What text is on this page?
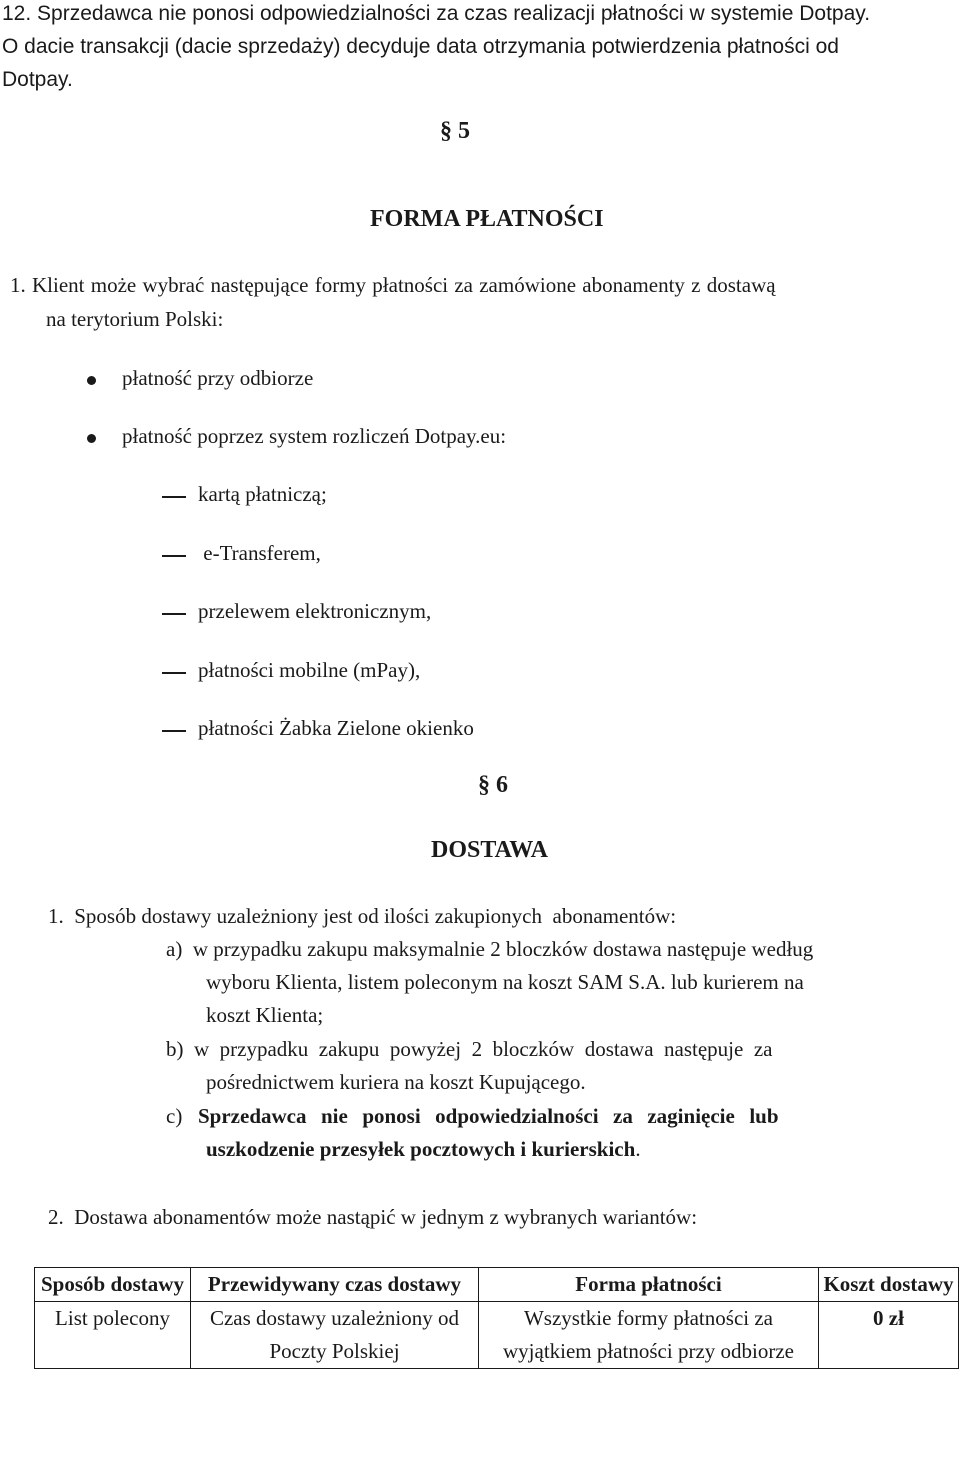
12. Sprzedawca nie ponosi odpowiedzialności za czas realizacji płatności w systemie Dotpay.
O dacie transakcji (dacie sprzedaży) decyduje data otrzymania potwierdzenia płatności od
Dotpay.
§ 5
FORMA PŁATNOŚCI
1. Klient może wybrać następujące formy płatności za zamówione abonamenty z dostawą
na terytorium Polski:
płatność przy odbiorze
płatność poprzez system rozliczeń Dotpay.eu:
kartą płatniczą;
e-Transferem,
przelewem elektronicznym,
płatności mobilne (mPay),
płatności Żabka Zielone okienko
§ 6
DOSTAWA
1.  Sposób dostawy uzależniony jest od ilości zakupionych  abonamentów:
a)  w przypadku zakupu maksymalnie 2 bloczków dostawa następuje według
wyboru Klienta, listem poleconym na koszt SAM S.A. lub kurierem na
koszt Klienta;
b)  w  przypadku  zakupu  powyżej  2  bloczków  dostawa  następuje  za
pośrednictwem kuriera na koszt Kupującego.
c) Sprzedawca  nie  ponosi  odpowiedzialności  za  zaginięcie  lub
uszkodzenie przesyłek pocztowych i kurierskich.
2.  Dostawa abonamentów może nastąpić w jednym z wybranych wariantów:
Sposób dostawy	Przewidywany czas dostawy	Forma płatności	Koszt dostawy
List polecony	Czas dostawy uzależniony od Poczty Polskiej	Wszystkie formy płatności za wyjątkiem płatności przy odbiorze	0 zł
